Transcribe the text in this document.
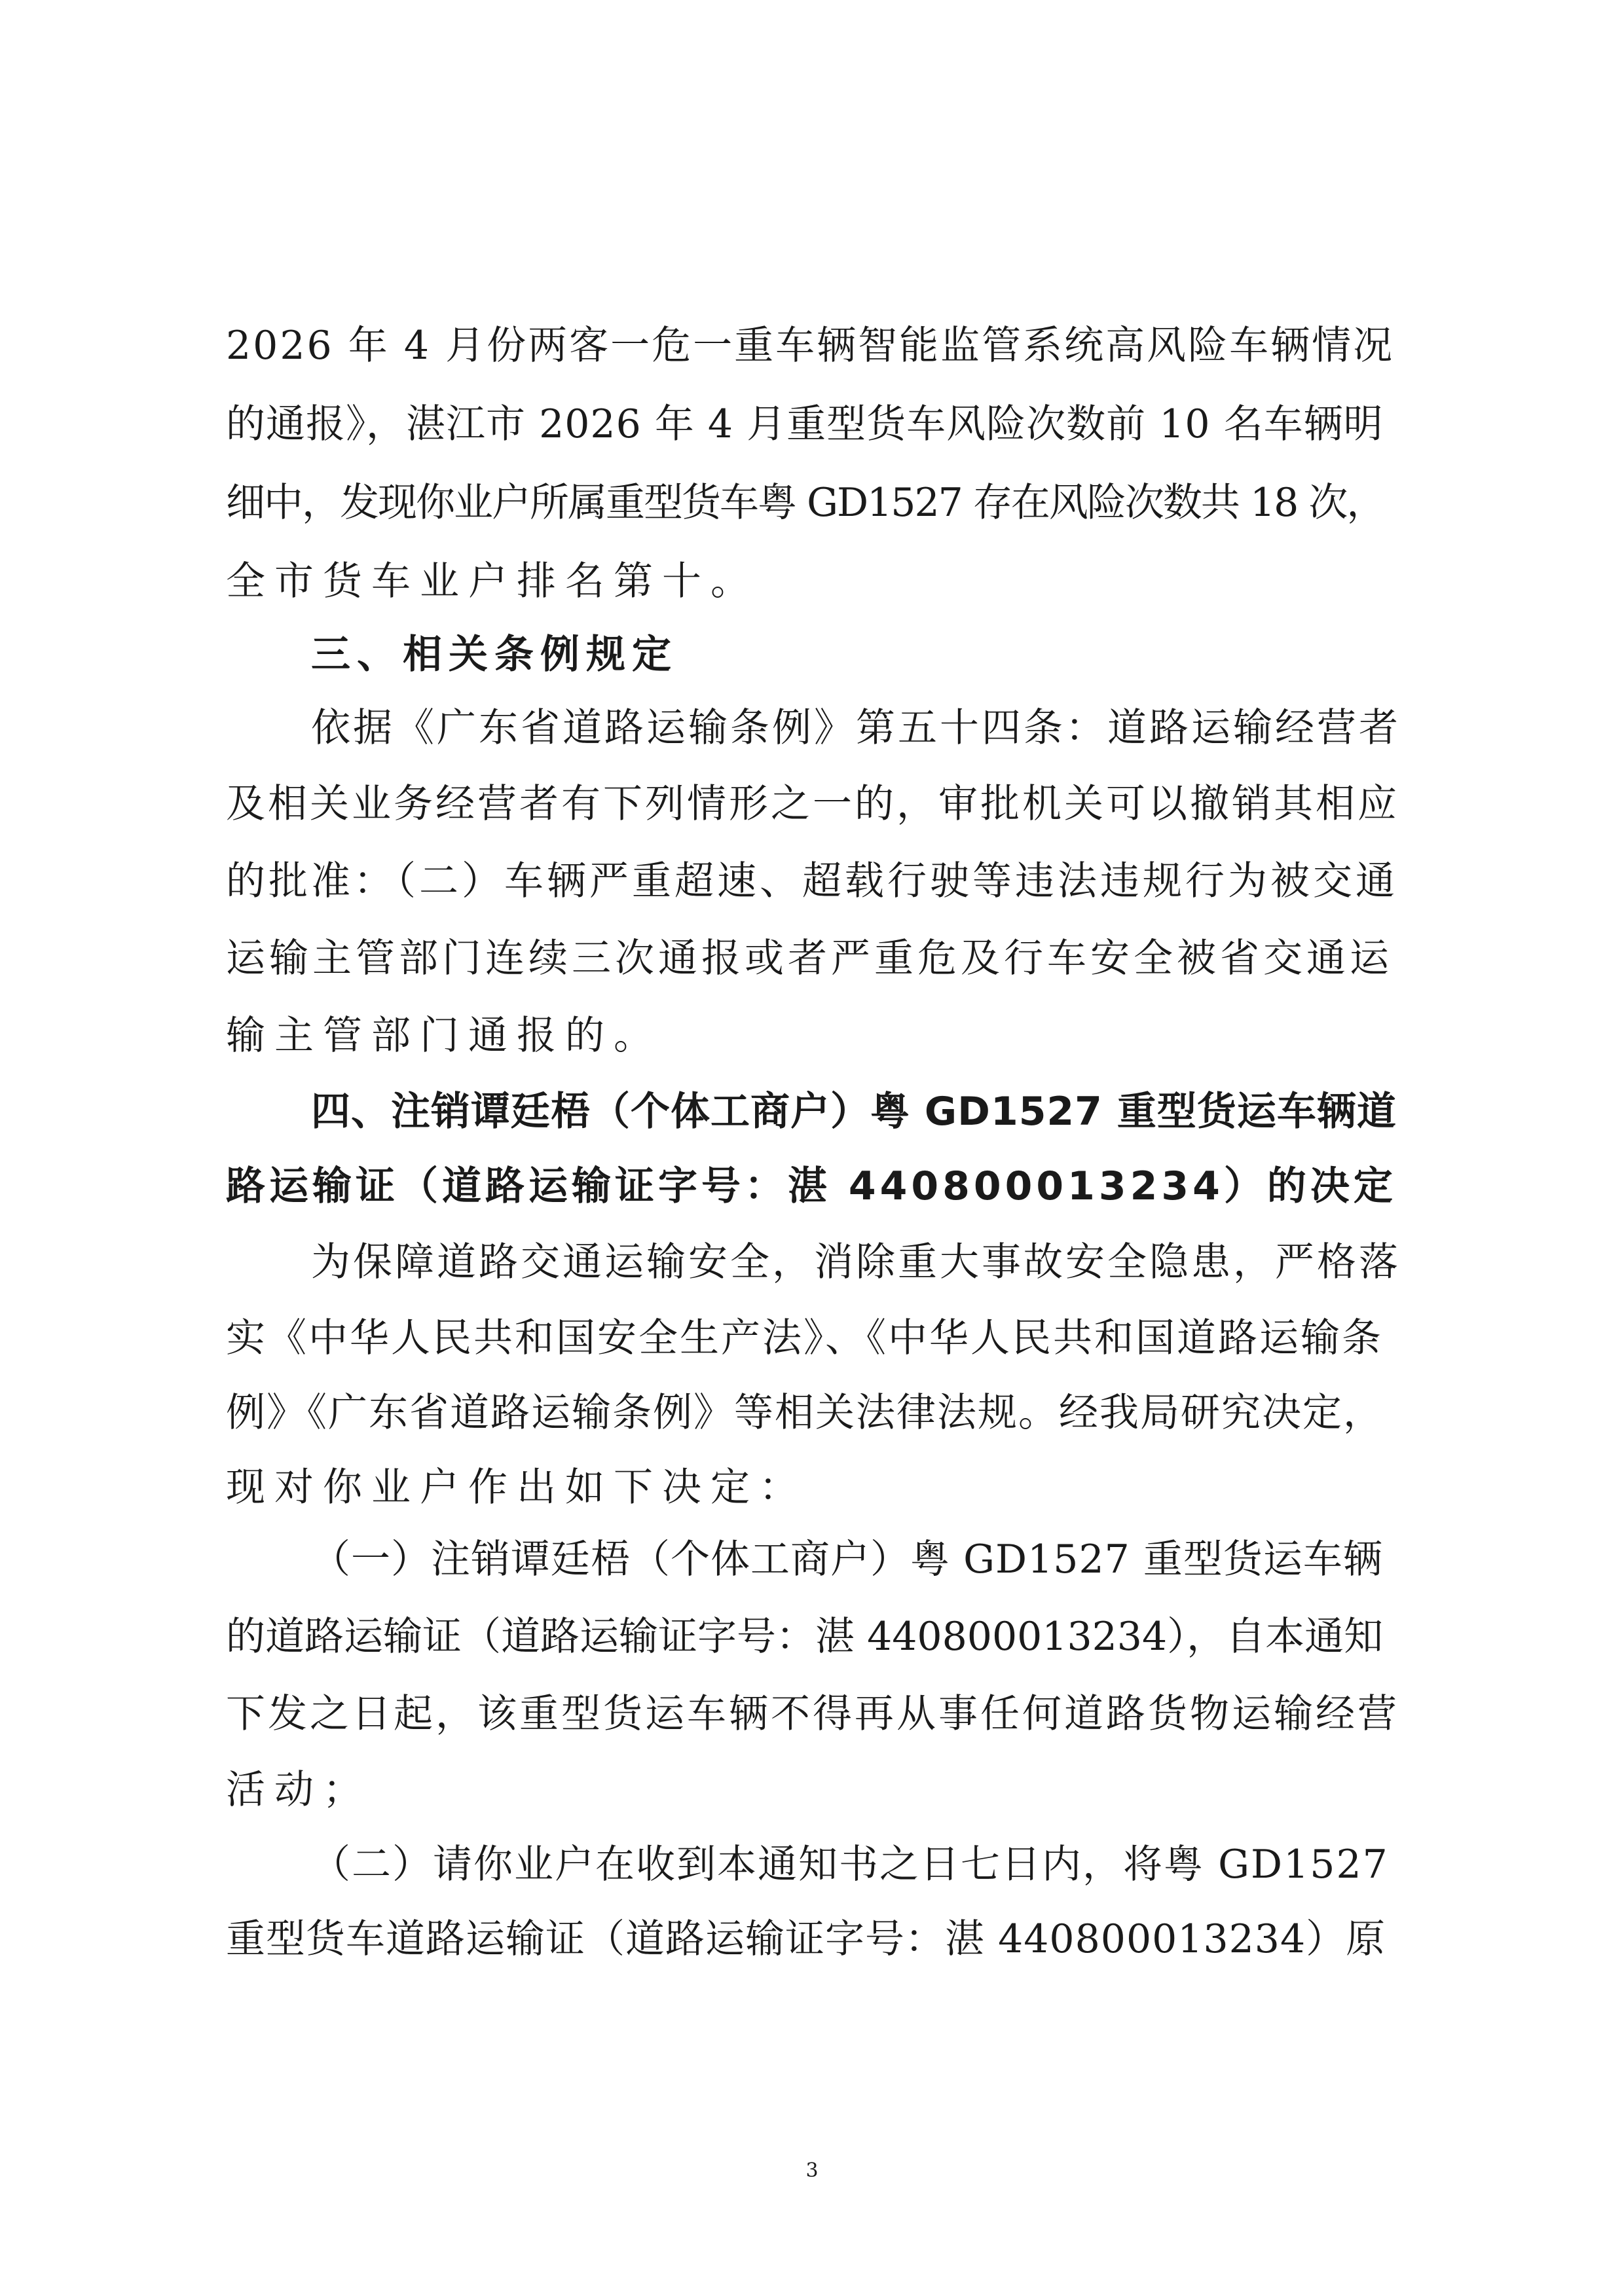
2026 年 4 月份两客一危一重车辆智能监管系统高风险车辆情况
的通报》，湛江市 2026 年 4 月重型货车风险次数前 10 名车辆明
细中，发现你业户所属重型货车粤 GD1527 存在风险次数共 18 次，
全市货车业户排名第十。
三、相关条例规定
依据《广东省道路运输条例》第五十四条：道路运输经营者
及相关业务经营者有下列情形之一的，审批机关可以撤销其相应
的批准：（二）车辆严重超速、超载行驶等违法违规行为被交通
运输主管部门连续三次通报或者严重危及行车安全被省交通运
输主管部门通报的。
四、注销谭廷梧（个体工商户）粤 GD1527 重型货运车辆道
路运输证（道路运输证字号：湛 440800013234）的决定
为保障道路交通运输安全，消除重大事故安全隐患，严格落
实《中华人民共和国安全生产法》、《中华人民共和国道路运输条
例》《广东省道路运输条例》等相关法律法规。经我局研究决定，
现对你业户作出如下决定：
（一）注销谭廷梧（个体工商户）粤 GD1527 重型货运车辆
的道路运输证（道路运输证字号：湛 440800013234），自本通知
下发之日起，该重型货运车辆不得再从事任何道路货物运输经营
活动；
（二）请你业户在收到本通知书之日七日内，将粤 GD1527
重型货车道路运输证（道路运输证字号：湛 440800013234）原
3
